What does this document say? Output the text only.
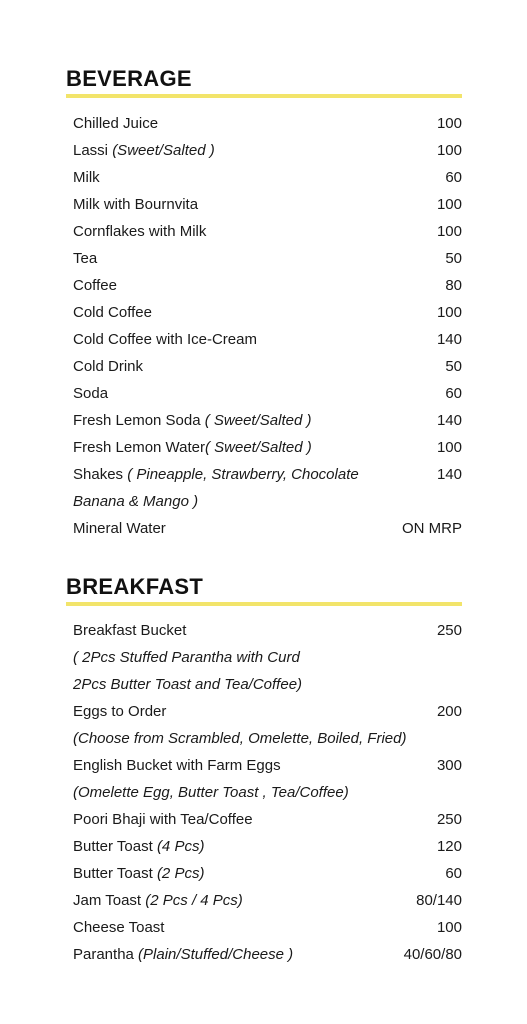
BEVERAGE
Chilled Juice	100
Lassi (Sweet/Salted )	100
Milk	60
Milk with Bournvita	100
Cornflakes with Milk	100
Tea	50
Coffee	80
Cold Coffee	100
Cold Coffee with Ice-Cream	140
Cold Drink	50
Soda	60
Fresh Lemon Soda ( Sweet/Salted )	140
Fresh Lemon Water( Sweet/Salted )	100
Shakes ( Pineapple, Strawberry, Chocolate	140
Banana & Mango )
Mineral Water	ON MRP
BREAKFAST
Breakfast Bucket	250
( 2Pcs Stuffed Parantha with Curd
2Pcs Butter Toast and Tea/Coffee)
Eggs to Order	200
(Choose from Scrambled, Omelette, Boiled, Fried)
English Bucket with Farm Eggs	300
(Omelette Egg, Butter Toast , Tea/Coffee)
Poori Bhaji with Tea/Coffee	250
Butter Toast (4 Pcs)	120
Butter Toast (2 Pcs)	60
Jam Toast (2 Pcs / 4 Pcs)	80/140
Cheese Toast	100
Parantha (Plain/Stuffed/Cheese )	40/60/80
